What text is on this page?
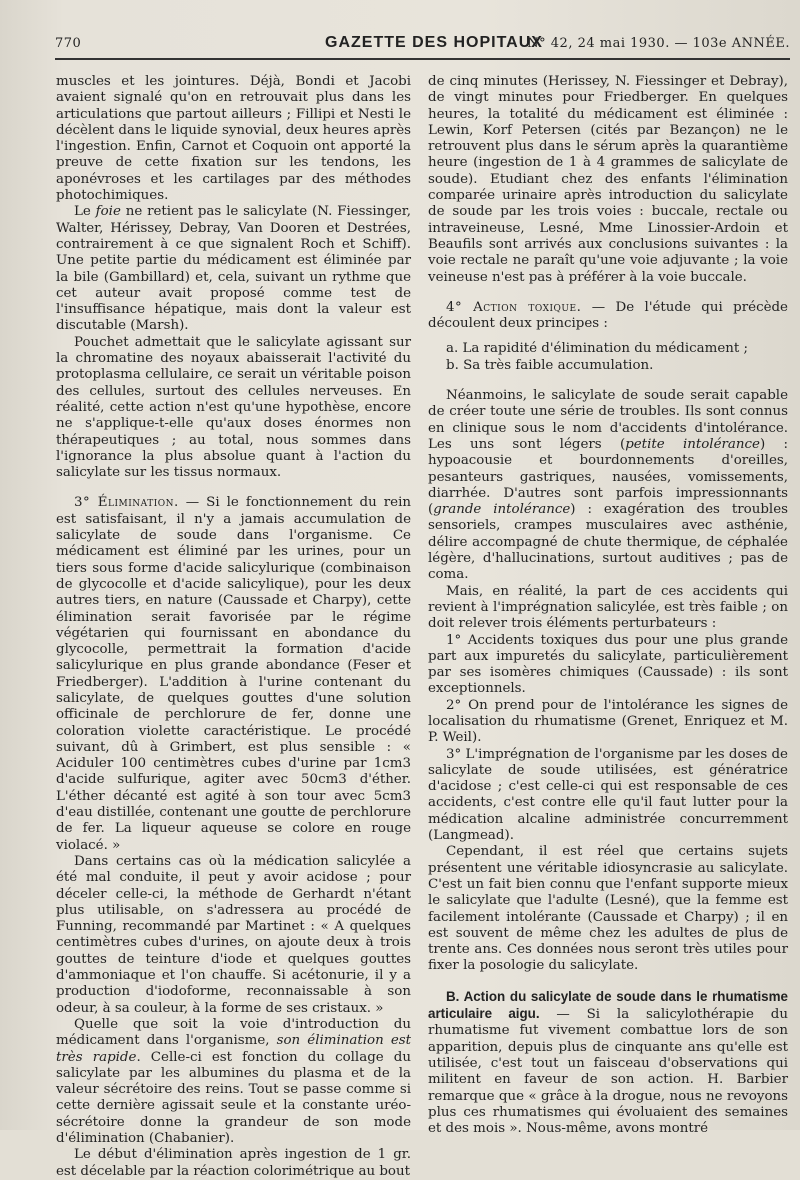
770	GAZETTE DES HOPITAUX
N° 42, 24 mai 1930. — 103e ANNÉE.

muscles et les jointures. Déjà, Bondi et Jacobi avaient signalé qu'on en retrouvait plus dans les articulations que partout ailleurs ; Fillipi et Nesti le décèlent dans le liquide synovial, deux heures après l'ingestion. Enfin, Carnot et Coquoin ont apporté la preuve de cette fixation sur les tendons, les aponévroses et les cartilages par des méthodes photochimiques.

Le foie ne retient pas le salicylate (N. Fiessinger, Walter, Hérissey, Debray, Van Dooren et Destrées, contrairement à ce que signalent Roch et Schiff). Une petite partie du médicament est éliminée par la bile (Gambillard) et, cela, suivant un rythme que cet auteur avait proposé comme test de l'insuffisance hépatique, mais dont la valeur est discutable (Marsh).

Pouchet admettait que le salicylate agissant sur la chromatine des noyaux abaisserait l'activité du protoplasma cellulaire, ce serait un véritable poison des cellules, surtout des cellules nerveuses. En réalité, cette action n'est qu'une hypothèse, encore ne s'applique-t-elle qu'aux doses énormes non thérapeutiques ; au total, nous sommes dans l'ignorance la plus absolue quant à l'action du salicylate sur les tissus normaux.

3° Élimination. — Si le fonctionnement du rein est satisfaisant, il n'y a jamais accumulation de salicylate de soude dans l'organisme. Ce médicament est éliminé par les urines, pour un tiers sous forme d'acide salicylurique (combinaison de glycocolle et d'acide salicylique), pour les deux autres tiers, en nature (Caussade et Charpy), cette élimination serait favorisée par le régime végétarien qui fournissant en abondance du glycocolle, permettrait la formation d'acide salicylurique en plus grande abondance (Feser et Friedberger). L'addition à l'urine contenant du salicylate, de quelques gouttes d'une solution officinale de perchlorure de fer, donne une coloration violette caractéristique. Le procédé suivant, dû à Grimbert, est plus sensible : « Aciduler 100 centimètres cubes d'urine par 1cm3 d'acide sulfurique, agiter avec 50cm3 d'éther. L'éther décanté est agité à son tour avec 5cm3 d'eau distillée, contenant une goutte de perchlorure de fer. La liqueur aqueuse se colore en rouge violacé. »

Dans certains cas où la médication salicylée a été mal conduite, il peut y avoir acidose ; pour déceler celle-ci, la méthode de Gerhardt n'étant plus utilisable, on s'adressera au procédé de Funning, recommandé par Martinet : « A quelques centimètres cubes d'urines, on ajoute deux à trois gouttes de teinture d'iode et quelques gouttes d'ammoniaque et l'on chauffe. Si acétonurie, il y a production d'iodoforme, reconnaissable à son odeur, à sa couleur, à la forme de ses cristaux. »

Quelle que soit la voie d'introduction du médicament dans l'organisme, son élimination est très rapide. Celle-ci est fonction du collage du salicylate par les albumines du plasma et de la valeur sécrétoire des reins. Tout se passe comme si cette dernière agissait seule et la constante uréo-sécrétoire donne la grandeur de son mode d'élimination (Chabanier).

Le début d'élimination après ingestion de 1 gr. est décelable par la réaction colorimétrique au bout

de cinq minutes (Herissey, N. Fiessinger et Debray), de vingt minutes pour Friedberger. En quelques heures, la totalité du médicament est éliminée : Lewin, Korf Petersen (cités par Bezançon) ne le retrouvent plus dans le sérum après la quarantième heure (ingestion de 1 à 4 grammes de salicylate de soude). Etudiant chez des enfants l'élimination comparée urinaire après introduction du salicylate de soude par les trois voies : buccale, rectale ou intraveineuse, Lesné, Mme Linossier-Ardoin et Beaufils sont arrivés aux conclusions suivantes : la voie rectale ne paraît qu'une voie adjuvante ; la voie veineuse n'est pas à préférer à la voie buccale.

4° Action toxique. — De l'étude qui précède découlent deux principes :

a. La rapidité d'élimination du médicament ;

b. Sa très faible accumulation.

Néanmoins, le salicylate de soude serait capable de créer toute une série de troubles. Ils sont connus en clinique sous le nom d'accidents d'intolérance. Les uns sont légers (petite intolérance) : hypoacousie et bourdonnements d'oreilles, pesanteurs gastriques, nausées, vomissements, diarrhée. D'autres sont parfois impressionnants (grande intolérance) : exagération des troubles sensoriels, crampes musculaires avec asthénie, délire accompagné de chute thermique, de céphalée légère, d'hallucinations, surtout auditives ; pas de coma.

Mais, en réalité, la part de ces accidents qui revient à l'imprégnation salicylée, est très faible ; on doit relever trois éléments perturbateurs :

1° Accidents toxiques dus pour une plus grande part aux impuretés du salicylate, particulièrement par ses isomères chimiques (Caussade) : ils sont exceptionnels.

2° On prend pour de l'intolérance les signes de localisation du rhumatisme (Grenet, Enriquez et M. P. Weil).

3° L'imprégnation de l'organisme par les doses de salicylate de soude utilisées, est génératrice d'acidose ; c'est celle-ci qui est responsable de ces accidents, c'est contre elle qu'il faut lutter pour la médication alcaline administrée concurremment (Langmead).

Cependant, il est réel que certains sujets présentent une véritable idiosyncrasie au salicylate. C'est un fait bien connu que l'enfant supporte mieux le salicylate que l'adulte (Lesné), que la femme est facilement intolérante (Caussade et Charpy) ; il en est souvent de même chez les adultes de plus de trente ans. Ces données nous seront très utiles pour fixer la posologie du salicylate.

B. Action du salicylate de soude dans le rhumatisme articulaire aigu. — Si la salicylothérapie du rhumatisme fut vivement combattue lors de son apparition, depuis plus de cinquante ans qu'elle est utilisée, c'est tout un faisceau d'observations qui militent en faveur de son action. H. Barbier remarque que « grâce à la drogue, nous ne revoyons plus ces rhumatismes qui évoluaient des semaines et des mois ». Nous-même, avons montré
